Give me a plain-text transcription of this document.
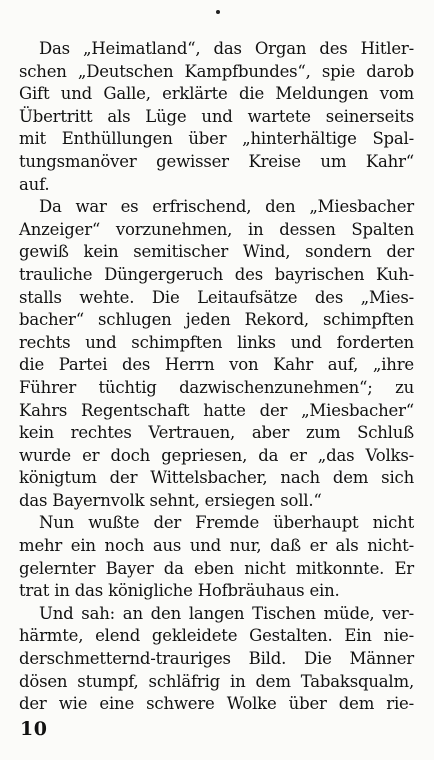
Das „Heimatland“, das Organ des Hitler-
schen „Deutschen Kampfbundes“, spie darob
Gift und Galle, erklärte die Meldungen vom
Übertritt als Lüge und wartete seinerseits
mit Enthüllungen über „hinterhältige Spal-
tungsmanöver gewisser Kreise um Kahr“
auf.
Da war es erfrischend, den „Miesbacher
Anzeiger“ vorzunehmen, in dessen Spalten
gewiß kein semitischer Wind, sondern der
trauliche Düngergeruch des bayrischen Kuh-
stalls wehte. Die Leitaufsätze des „Mies-
bacher“ schlugen jeden Rekord, schimpften
rechts und schimpften links und forderten
die Partei des Herrn von Kahr auf, „ihre
Führer tüchtig dazwischenzunehmen“; zu
Kahrs Regentschaft hatte der „Miesbacher“
kein rechtes Vertrauen, aber zum Schluß
wurde er doch gepriesen, da er „das Volks-
königtum der Wittelsbacher, nach dem sich
das Bayernvolk sehnt, ersiegen soll.“
Nun wußte der Fremde überhaupt nicht
mehr ein noch aus und nur, daß er als nicht-
gelernter Bayer da eben nicht mitkonnte. Er
trat in das königliche Hofbräuhaus ein.
Und sah: an den langen Tischen müde, ver-
härmte, elend gekleidete Gestalten. Ein nie-
derschmetternd-trauriges Bild. Die Männer
dösen stumpf, schläfrig in dem Tabaksqualm,
der wie eine schwere Wolke über dem rie-
10
